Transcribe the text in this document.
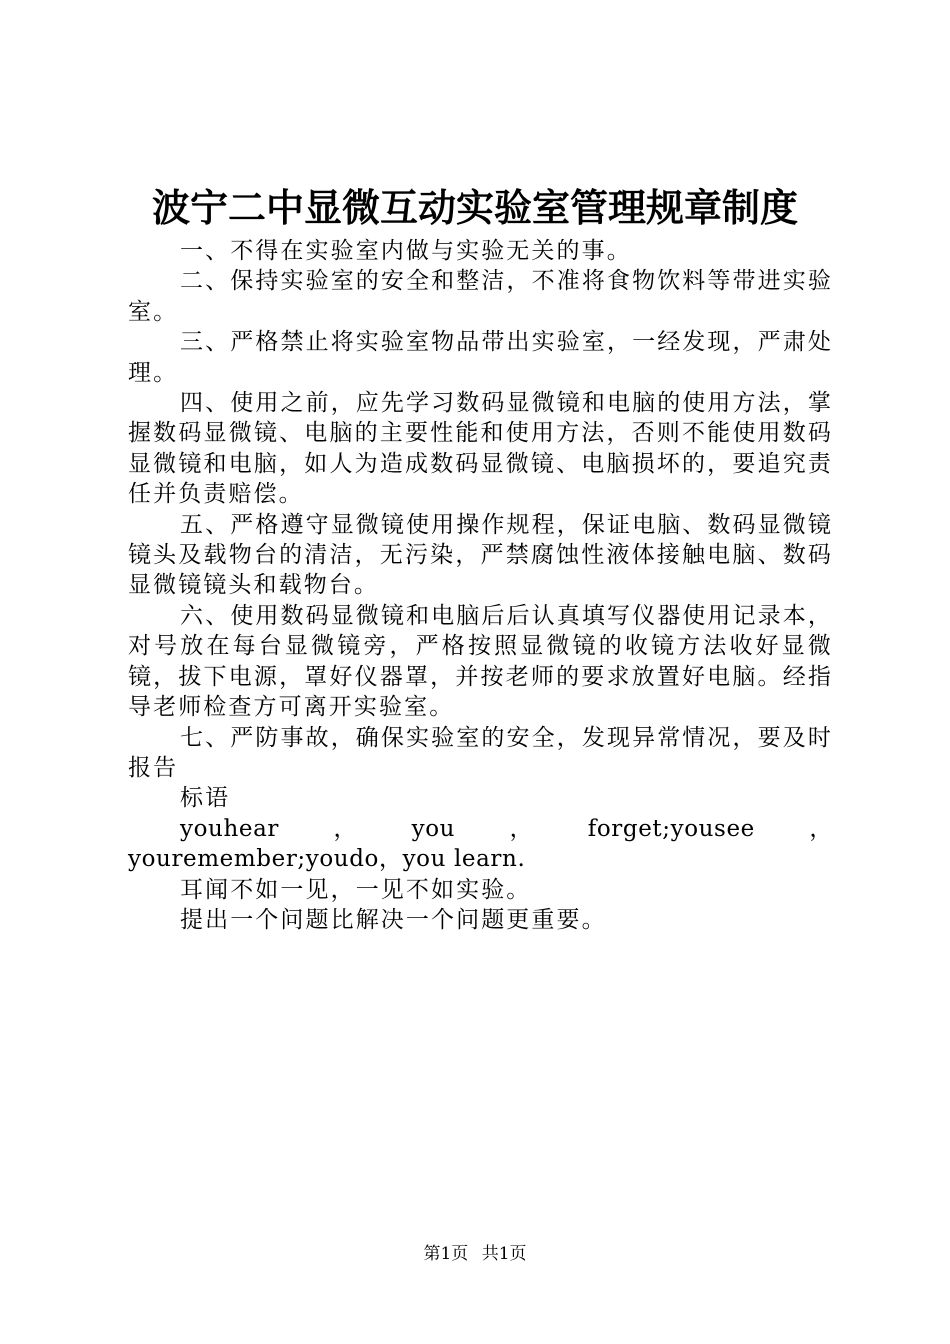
波宁二中显微互动实验室管理规章制度

一、不得在实验室内做与实验无关的事。

二、保持实验室的安全和整洁，不准将食物饮料等带进实验室。

三、严格禁止将实验室物品带出实验室，一经发现，严肃处理。

四、使用之前，应先学习数码显微镜和电脑的使用方法，掌握数码显微镜、电脑的主要性能和使用方法，否则不能使用数码显微镜和电脑，如人为造成数码显微镜、电脑损坏的，要追究责任并负责赔偿。

五、严格遵守显微镜使用操作规程，保证电脑、数码显微镜镜头及载物台的清洁，无污染，严禁腐蚀性液体接触电脑、数码显微镜镜头和载物台。

六、使用数码显微镜和电脑后后认真填写仪器使用记录本，对号放在每台显微镜旁，严格按照显微镜的收镜方法收好显微镜，拔下电源，罩好仪器罩，并按老师的要求放置好电脑。经指导老师检查方可离开实验室。

七、严防事故，确保实验室的安全，发现异常情况，要及时报告

标语

youhear，you，forget;yousee，youremember;youdo，you learn.

耳闻不如一见，一见不如实验。

提出一个问题比解决一个问题更重要。

第1页 共1页
